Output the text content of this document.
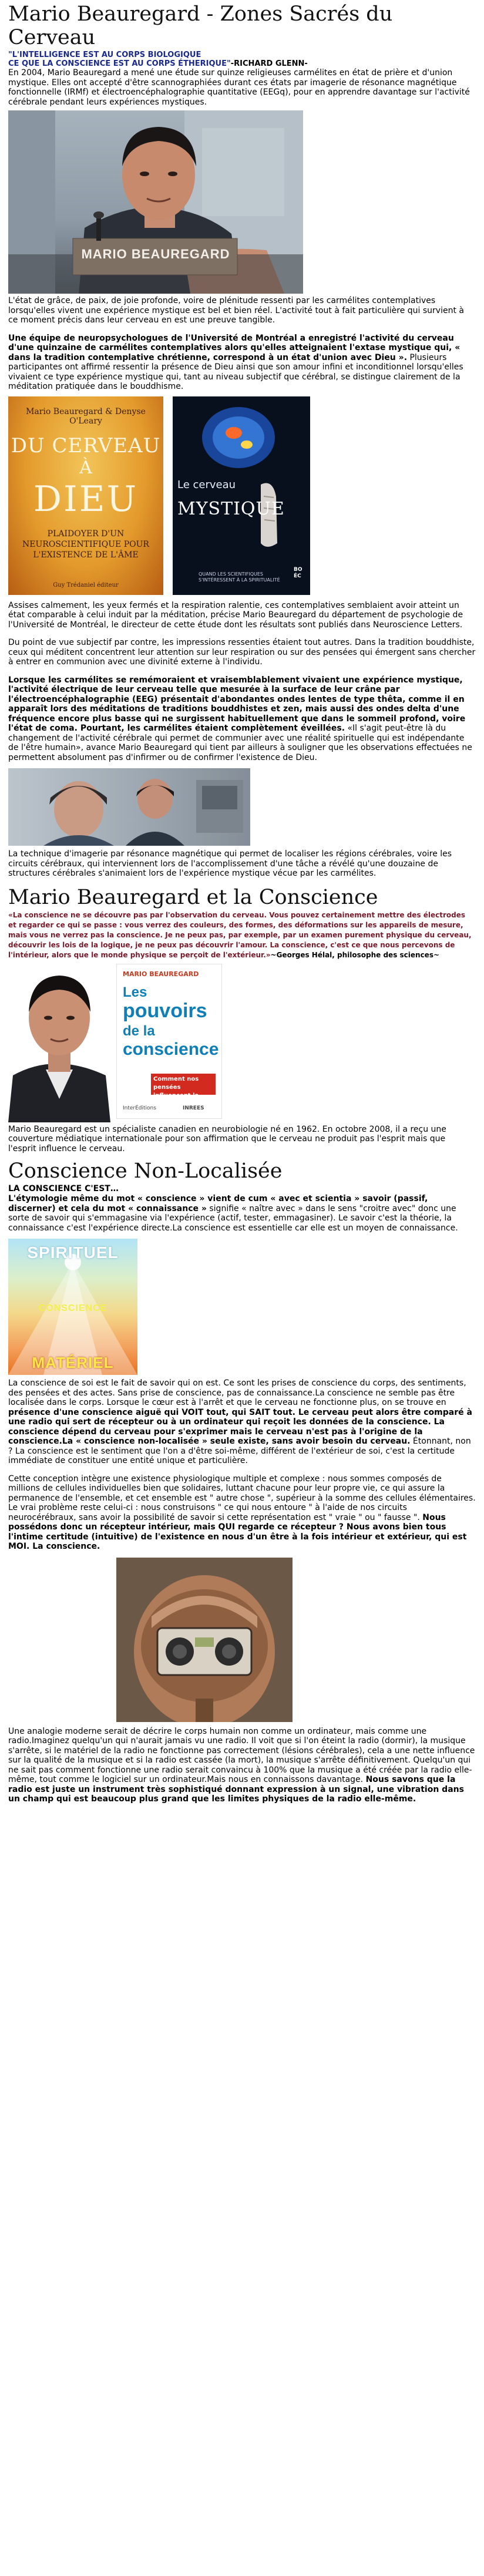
Mario Beauregard - Zones Sacrés du Cerveau
"L'INTELLIGENCE EST AU CORPS BIOLOGIQUE
CE QUE LA CONSCIENCE EST AU CORPS ÉTHERIQUE"-RICHARD GLENN-

En 2004, Mario Beauregard a mené une étude sur quinze religieuses carmélites en état de prière et d'union mystique. Elles ont accepté d'être scannographiées durant ces états par imagerie de résonance magnétique fonctionnelle (IRMf) et électroencéphalographie quantitative (EEGq), pour en apprendre davantage sur l'activité cérébrale pendant leurs expériences mystiques.

MARIO BEAUREGARD

L'état de grâce, de paix, de joie profonde, voire de plénitude ressenti par les carmélites contemplatives lorsqu'elles vivent une expérience mystique est bel et bien réel. L'activité tout à fait particulière qui survient à ce moment précis dans leur cerveau en est une preuve tangible.

Une équipe de neuropsychologues de l'Université de Montréal a enregistré l'activité du cerveau d'une quinzaine de carmélites contemplatives alors qu'elles atteignaient l'extase mystique qui, « dans la tradition contemplative chrétienne, correspond à un état d'union avec Dieu ». Plusieurs participantes ont affirmé ressentir la présence de Dieu ainsi que son amour infini et inconditionnel lorsqu'elles vivaient ce type expérience mystique qui, tant au niveau subjectif que cérébral, se distingue clairement de la méditation pratiquée dans le bouddhisme.

Mario Beauregard & Denyse O'Leary
DU CERVEAU
À
DIEU
PLAIDOYER D'UN
NEUROSCIENTIFIQUE POUR
L'EXISTENCE DE L'ÂME
Guy Trédaniel éditeur
Le cerveau
MYSTIQUE
QUAND LES SCIENTIFIQUES
S'INTÉRESSENT À LA SPIRITUALITÉ
BO ÉC

Assises calmement, les yeux fermés et la respiration ralentie, ces contemplatives semblaient avoir atteint un état comparable à celui induit par la méditation, précise Mario Beauregard du département de psychologie de l'Université de Montréal, le directeur de cette étude dont les résultats sont publiés dans Neuroscience Letters.

Du point de vue subjectif par contre, les impressions ressenties étaient tout autres. Dans la tradition bouddhiste, ceux qui méditent concentrent leur attention sur leur respiration ou sur des pensées qui émergent sans chercher à entrer en communion avec une divinité externe à l'individu.

Lorsque les carmélites se remémoraient et vraisemblablement vivaient une expérience mystique, l'activité électrique de leur cerveau telle que mesurée à la surface de leur crâne par l'électroencéphalographie (EEG) présentait d'abondantes ondes lentes de type thêta, comme il en apparaît lors des méditations de traditions bouddhistes et zen, mais aussi des ondes delta d'une fréquence encore plus basse qui ne surgissent habituellement que dans le sommeil profond, voire l'état de coma. Pourtant, les carmélites étaient complètement éveillées. «Il s'agit peut-être là du changement de l'activité cérébrale qui permet de communier avec une réalité spirituelle qui est indépendante de l'être humain», avance Mario Beauregard qui tient par ailleurs à souligner que les observations effectuées ne permettent absolument pas d'infirmer ou de confirmer l'existence de Dieu.

La technique d'imagerie par résonance magnétique qui permet de localiser les régions cérébrales, voire les circuits cérébraux, qui interviennent lors de l'accomplissement d'une tâche a révélé qu'une douzaine de structures cérébrales s'animaient lors de l'expérience mystique vécue par les carmélites.

Mario Beauregard et la Conscience
«La conscience ne se découvre pas par l'observation du cerveau. Vous pouvez certainement mettre des électrodes et regarder ce qui se passe : vous verrez des couleurs, des formes, des déformations sur les appareils de mesure, mais vous ne verrez pas la conscience. Je ne peux pas, par exemple, par un examen purement physique du cerveau, découvrir les lois de la logique, je ne peux pas découvrir l'amour. La conscience, c'est ce que nous percevons de l'intérieur, alors que le monde physique se perçoit de l'extérieur.»~Georges Hélal, philosophe des sciences~
MARIO BEAUREGARD
Les
pouvoirs
de la
conscience
Comment nos pensées
influencent la réalité
InterÉditions	INREES

Mario Beauregard est un spécialiste canadien en neurobiologie né en 1962. En octobre 2008, il a reçu une couverture médiatique internationale pour son affirmation que le cerveau ne produit pas l'esprit mais que l'esprit influence le cerveau.

Conscience Non-Localisée
LA CONSCIENCE C'EST…

L'étymologie même du mot « conscience » vient de cum « avec et scientia » savoir (passif, discerner) et cela du mot « connaissance » signifie « naître avec » dans le sens "croitre avec" donc une sorte de savoir qui s'emmagasine via l'expérience (actif, tester, emmagasiner). Le savoir c'est la théorie, la connaissance c'est l'expérience directe.La conscience est essentielle car elle est un moyen de connaissance.

SPIRITUEL
CONSCIENCE
MATÉRIEL

La conscience de soi est le fait de savoir qui on est. Ce sont les prises de conscience du corps, des sentiments, des pensées et des actes. Sans prise de conscience, pas de connaissance.La conscience ne semble pas être localisée dans le corps. Lorsque le cœur est à l'arrêt et que le cerveau ne fonctionne plus, on se trouve en présence d'une conscience aiguë qui VOIT tout, qui SAIT tout. Le cerveau peut alors être comparé à une radio qui sert de récepteur ou à un ordinateur qui reçoit les données de la conscience. La conscience dépend du cerveau pour s'exprimer mais le cerveau n'est pas à l'origine de la conscience.La « conscience non-localisée » seule existe, sans avoir besoin du cerveau. Étonnant, non ? La conscience est le sentiment que l'on a d'être soi-même, différent de l'extérieur de soi, c'est la certitude immédiate de constituer une entité unique et particulière.

Cette conception intègre une existence physiologique multiple et complexe : nous sommes composés de millions de cellules individuelles bien que solidaires, luttant chacune pour leur propre vie, ce qui assure la permanence de l'ensemble, et cet ensemble est " autre chose ", supérieur à la somme des cellules élémentaires. Le vrai problème reste celui-ci : nous construisons " ce qui nous entoure " à l'aide de nos circuits neurocérébraux, sans avoir la possibilité de savoir si cette représentation est " vraie " ou " fausse ". Nous possédons donc un récepteur intérieur, mais QUI regarde ce récepteur ? Nous avons bien tous l'intime certitude (intuitive) de l'existence en nous d'un être à la fois intérieur et extérieur, qui est MOI. La conscience.

Une analogie moderne serait de décrire le corps humain non comme un ordinateur, mais comme une radio.Imaginez quelqu'un qui n'aurait jamais vu une radio. Il voit que si l'on éteint la radio (dormir), la musique s'arrête, si le matériel de la radio ne fonctionne pas correctement (lésions cérébrales), cela a une nette influence sur la qualité de la musique et si la radio est cassée (la mort), la musique s'arrête définitivement. Quelqu'un qui ne sait pas comment fonctionne une radio serait convaincu à 100% que la musique a été créée par la radio elle-même, tout comme le logiciel sur un ordinateur.Mais nous en connaissons davantage. Nous savons que la radio est juste un instrument très sophistiqué donnant expression à un signal, une vibration dans un champ qui est beaucoup plus grand que les limites physiques de la radio elle-même.
